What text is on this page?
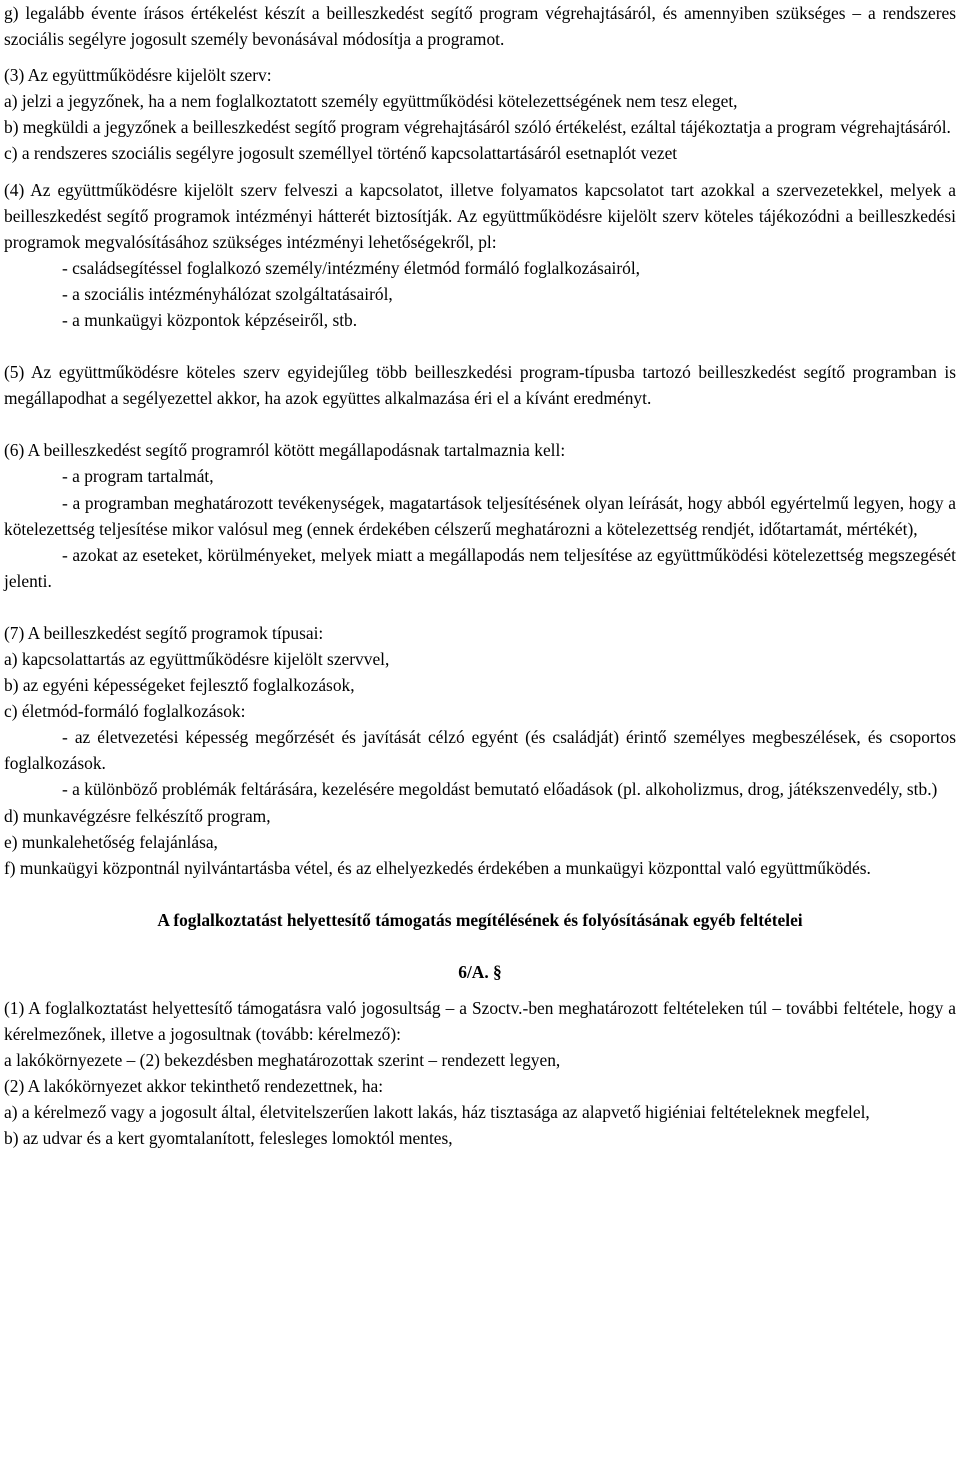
g) legalább évente írásos értékelést készít a beilleszkedést segítő program végrehajtásáról, és amennyiben szükséges – a rendszeres szociális segélyre jogosult személy bevonásával módosítja a programot.

(3) Az együttműködésre kijelölt szerv:

a) jelzi a jegyzőnek, ha a nem foglalkoztatott személy együttműködési kötelezettségének nem tesz eleget,

b) megküldi a jegyzőnek a beilleszkedést segítő program végrehajtásáról szóló értékelést, ezáltal tájékoztatja a program végrehajtásáról.

c) a rendszeres szociális segélyre jogosult személlyel történő kapcsolattartásáról esetnaplót vezet

(4) Az együttműködésre kijelölt szerv felveszi a kapcsolatot, illetve folyamatos kapcsolatot tart azokkal a szervezetekkel, melyek a beilleszkedést segítő programok intézményi hátterét biztosítják. Az együttműködésre kijelölt szerv köteles tájékozódni a beilleszkedési programok megvalósításához szükséges intézményi lehetőségekről, pl:

- családsegítéssel foglalkozó személy/intézmény életmód formáló foglalkozásairól,

- a szociális intézményhálózat szolgáltatásairól,

- a munkaügyi központok képzéseiről, stb.

(5) Az együttműködésre köteles szerv egyidejűleg több beilleszkedési program-típusba tartozó beilleszkedést segítő programban is megállapodhat a segélyezettel akkor, ha azok együttes alkalmazása éri el a kívánt eredményt.

(6) A beilleszkedést segítő programról kötött megállapodásnak tartalmaznia kell:

- a program tartalmát,

- a programban meghatározott tevékenységek, magatartások teljesítésének olyan leírását, hogy abból egyértelmű legyen, hogy a kötelezettség teljesítése mikor valósul meg (ennek érdekében célszerű meghatározni a kötelezettség rendjét, időtartamát, mértékét),

- azokat az eseteket, körülményeket, melyek miatt a megállapodás nem teljesítése az együttműködési kötelezettség megszegését jelenti.

(7) A beilleszkedést segítő programok típusai:

a) kapcsolattartás az együttműködésre kijelölt szervvel,

b) az egyéni képességeket fejlesztő foglalkozások,

c) életmód-formáló foglalkozások:

- az életvezetési képesség megőrzését és javítását célzó egyént (és családját) érintő személyes megbeszélések, és csoportos foglalkozások.

- a különböző problémák feltárására, kezelésére megoldást bemutató előadások (pl. alkoholizmus, drog, játékszenvedély, stb.)

d) munkavégzésre felkészítő program,

e) munkalehetőség felajánlása,

f) munkaügyi központnál nyilvántartásba vétel, és az elhelyezkedés érdekében a munkaügyi központtal való együttműködés.

A foglalkoztatást helyettesítő támogatás megítélésének és folyósításának egyéb feltételei

6/A. §

(1) A foglalkoztatást helyettesítő támogatásra való jogosultság – a Szoctv.-ben meghatározott feltételeken túl – további feltétele, hogy a kérelmezőnek, illetve a jogosultnak (tovább: kérelmező):

a lakókörnyezete – (2) bekezdésben meghatározottak szerint – rendezett legyen,

(2) A lakókörnyezet akkor tekinthető rendezettnek, ha:

a) a kérelmező vagy a jogosult által, életvitelszerűen lakott lakás, ház tisztasága az alapvető higiéniai feltételeknek megfelel,

b) az udvar és a kert gyomtalanított, felesleges lomoktól mentes,
